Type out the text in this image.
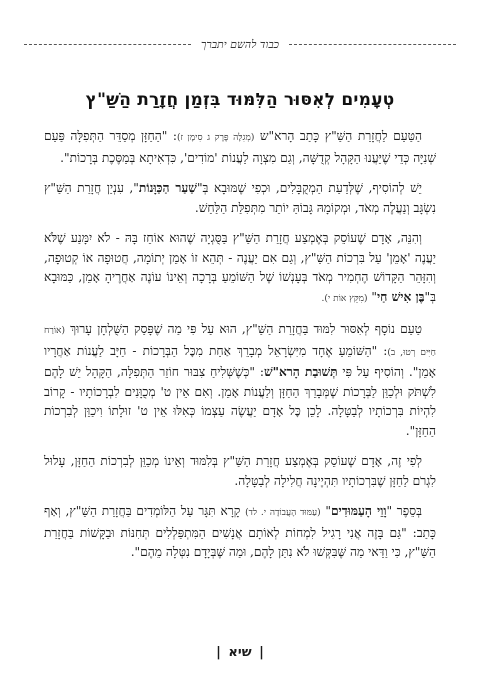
כבוד להשם יתברך
טְעָמִים לְאִסּוּר הַלִּמּוּד בִּזְמַן חֲזָרַת הַשַּׁ"ץ

הַטַּעַם לַחֲזָרַת הַשַּׁ"ץ כָּתַב הָרא"ש (מְגִלָּה פֶּרֶק ג סִימָן ז): "הַחַזָּן מְסַדֵּר הַתְּפִלָּה פַּעַם שְׁנִיָּה כְּדֵי שֶׁיַּעֲנוּ הַקָּהָל קְדֻשָּׁה, וְגַם מִצְוָה לַעֲנוֹת 'מוֹדִים', כִּדְאִיתָא בְּמַסֶּכֶת בְּרָכוֹת".

יֵשׁ לְהוֹסִיף, שֶׁלְּדַעַת הַמְקֻבָּלִים, וּכְפִי שֶׁמּוּבָא בְּ"שַׁעַר הַכַּוָּנוֹת", עִנְיַן חֲזָרַת הַשַּׁ"ץ נִשְׂגָּב וְנַעֲלֶה מְאֹד, וּמְקוֹמָהּ גָּבוֹהַּ יוֹתֵר מִתְּפִלַּת הַלַּחַשׁ.

וְהִנֵּה, אָדָם שֶׁעוֹסֵק בְּאֶמְצַע חֲזָרַת הַשַּׁ"ץ בַּסֻּגְיָה שֶׁהוּא אוֹחֵז בָּהּ - לֹא יִמָּנַע שֶׁלֹּא יַעֲנֶה 'אָמֵן' עַל בִּרְכוֹת הַשַּׁ"ץ, וְגַם אִם יַעֲנֶה - תְּהֵא זוֹ אָמֵן יְתוֹמָה, חֲטוּפָה אוֹ קְטוּפָה, וְהִזָּהֵר הַקָּדוֹשׁ הֶחְמִיר מְאֹד בְּעָנְשׁוֹ שֶׁל הַשּׁוֹמֵעַ בְּרָכָה וְאֵינוֹ עוֹנֶה אַחֲרֶיהָ אָמֵן, כַּמּוּבָא בְּ"בֶּן אִישׁ חַי" (מִקֵּץ אוֹת י).

טַעַם נוֹסָף לְאִסּוּר לִמּוּד בַּחֲזָרַת הַשַּׁ"ץ, הוּא עַל פִּי מַה שֶׁפָּסַק הַשֻּׁלְחָן עָרוּךְ (אוֹרַח חַיִּים רְטוּ, ב): "הַשּׁוֹמֵעַ אֶחָד מִיִּשְׂרָאֵל מְבָרֵךְ אַחַת מִכׇּל הַבְּרָכוֹת - חַיָּב לַעֲנוֹת אַחֲרָיו אָמֵן". וְהוֹסִיף עַל פִּי תְּשׁוּבַת הָרא"שׁ: "כְּשֶׁשְּׁלִיחַ צִבּוּר חוֹזֵר הַתְּפִלָּה, הַקָּהָל יֵשׁ לָהֶם לִשְׁתֹּק וּלְכַוֵּן לַבְּרָכוֹת שֶׁמְּבָרֵךְ הַחַזָּן וְלַעֲנוֹת אָמֵן. וְאִם אֵין ט' מְכֻוָּנִים לִבְרָכוֹתָיו - קָרוֹב לִהְיוֹת בִּרְכוֹתָיו לְבַטָּלָה. לָכֵן כׇּל אָדָם יַעֲשֶׂה עַצְמוֹ כְּאִלּוּ אֵין ט' זוּלָתוֹ וִיכַוֵּן לְבִרְכוֹת הַחַזָּן".

לְפִי זֶה, אָדָם שֶׁעוֹסֵק בְּאֶמְצַע חֲזָרַת הַשַּׁ"ץ בְּלִמּוּד וְאֵינוֹ מְכַוֵּן לְבִרְכוֹת הַחַזָּן, עָלוּל לִגְרֹם לַחַזָּן שֶׁבִּרְכוֹתָיו תִּהְיֶינָה חֲלִילָה לְבַטָּלָה.

בְּסֵפֶר "וָוֵי הָעַמּוּדִים" (עַמּוּד הָעֲבוֹדָה י. לד) קָרָא תִּגָּר עַל הַלּוֹמְדִים בַּחֲזָרַת הַשַּׁ"ץ, וְאַף כָּתַב: "גַּם בָּזֶה אֲנִי רָגִיל לִמְחוֹת לְאוֹתָם אֲנָשִׁים הַמִּתְפַּלְלִים תְּחִנּוֹת וּבַקָּשׁוֹת בַּחֲזָרַת הַשַּׁ"ץ, כִּי וַדַּאי מַה שֶּׁבִּקְּשׁוּ לֹא נִתַּן לָהֶם, וּמַה שֶּׁבְּיָדָם נִטְּלָה מֵהֶם".

| שיא |
